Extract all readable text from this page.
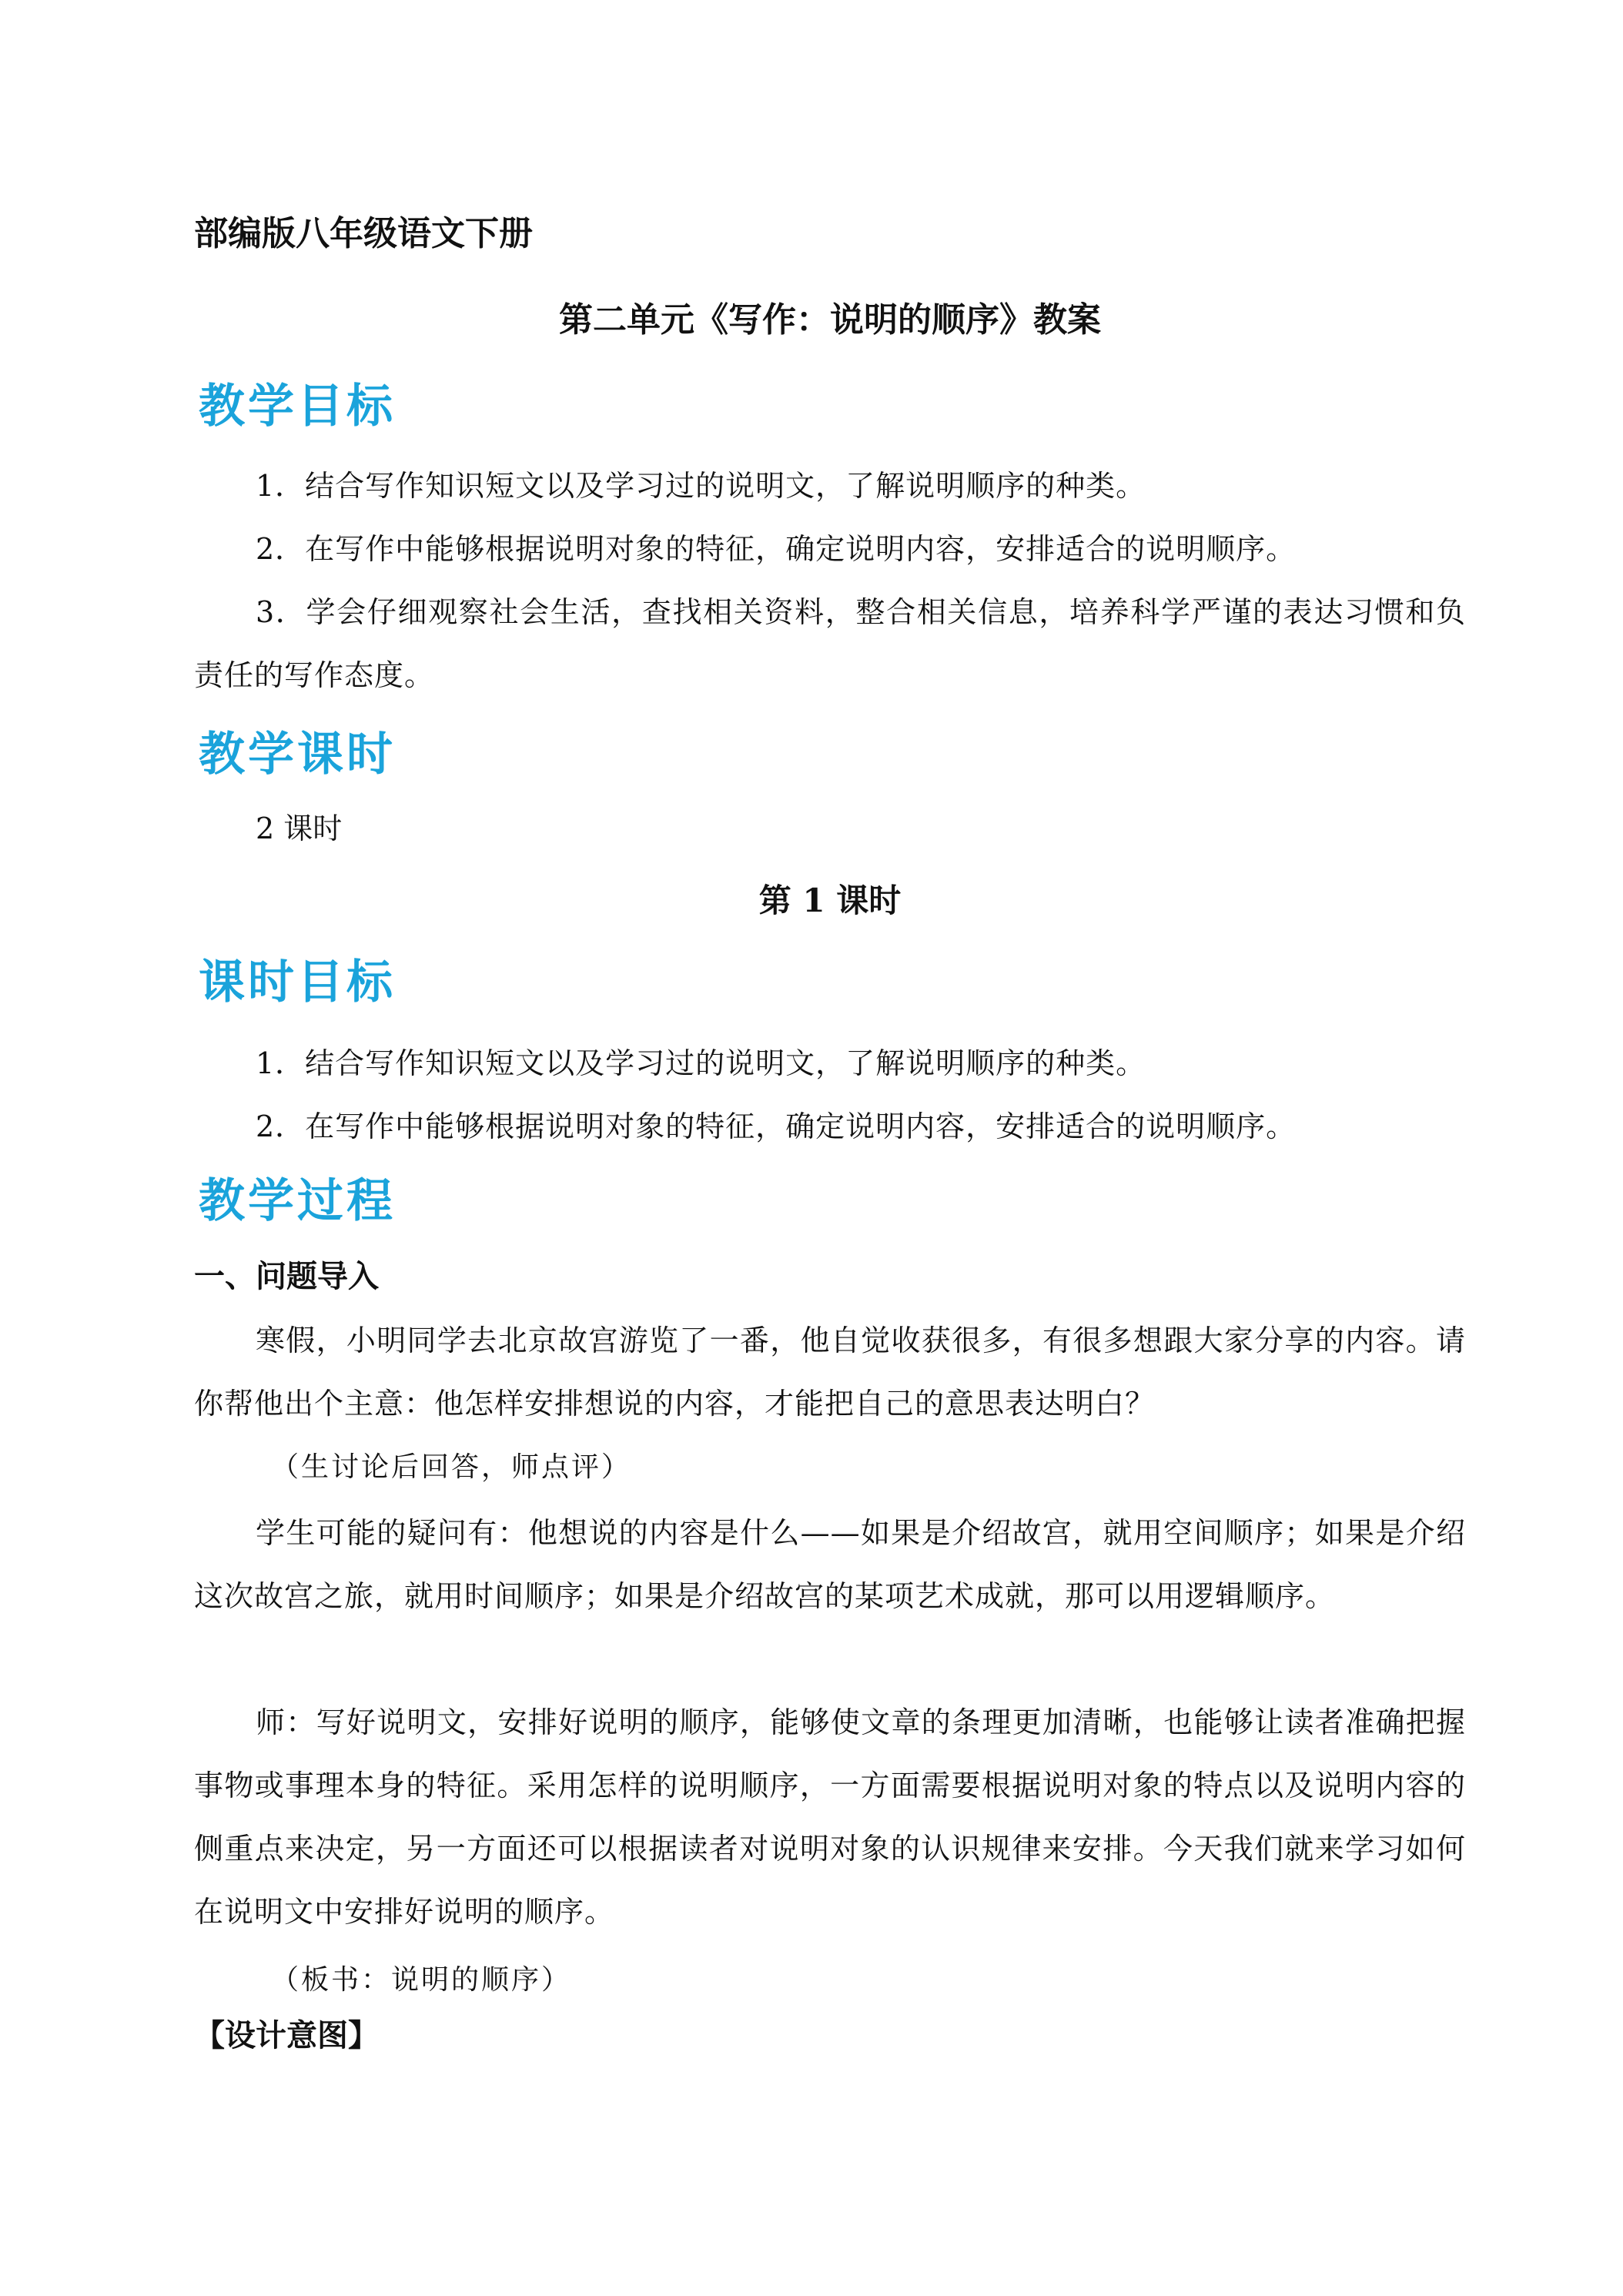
部编版八年级语文下册

第二单元《写作：说明的顺序》教案

教学目标

1．结合写作知识短文以及学习过的说明文，了解说明顺序的种类。

2．在写作中能够根据说明对象的特征，确定说明内容，安排适合的说明顺序。

3．学会仔细观察社会生活，查找相关资料，整合相关信息，培养科学严谨的表达习惯和负责任的写作态度。

教学课时

2 课时

第 1 课时

课时目标

1．结合写作知识短文以及学习过的说明文，了解说明顺序的种类。

2．在写作中能够根据说明对象的特征，确定说明内容，安排适合的说明顺序。

教学过程

一、问题导入

寒假，小明同学去北京故宫游览了一番，他自觉收获很多，有很多想跟大家分享的内容。请你帮他出个主意：他怎样安排想说的内容，才能把自己的意思表达明白？

（生讨论后回答，师点评）

学生可能的疑问有：他想说的内容是什么——如果是介绍故宫，就用空间顺序；如果是介绍这次故宫之旅，就用时间顺序；如果是介绍故宫的某项艺术成就，那可以用逻辑顺序。

师：写好说明文，安排好说明的顺序，能够使文章的条理更加清晰，也能够让读者准确把握事物或事理本身的特征。采用怎样的说明顺序，一方面需要根据说明对象的特点以及说明内容的侧重点来决定，另一方面还可以根据读者对说明对象的认识规律来安排。今天我们就来学习如何在说明文中安排好说明的顺序。

（板书：说明的顺序）

【设计意图】
